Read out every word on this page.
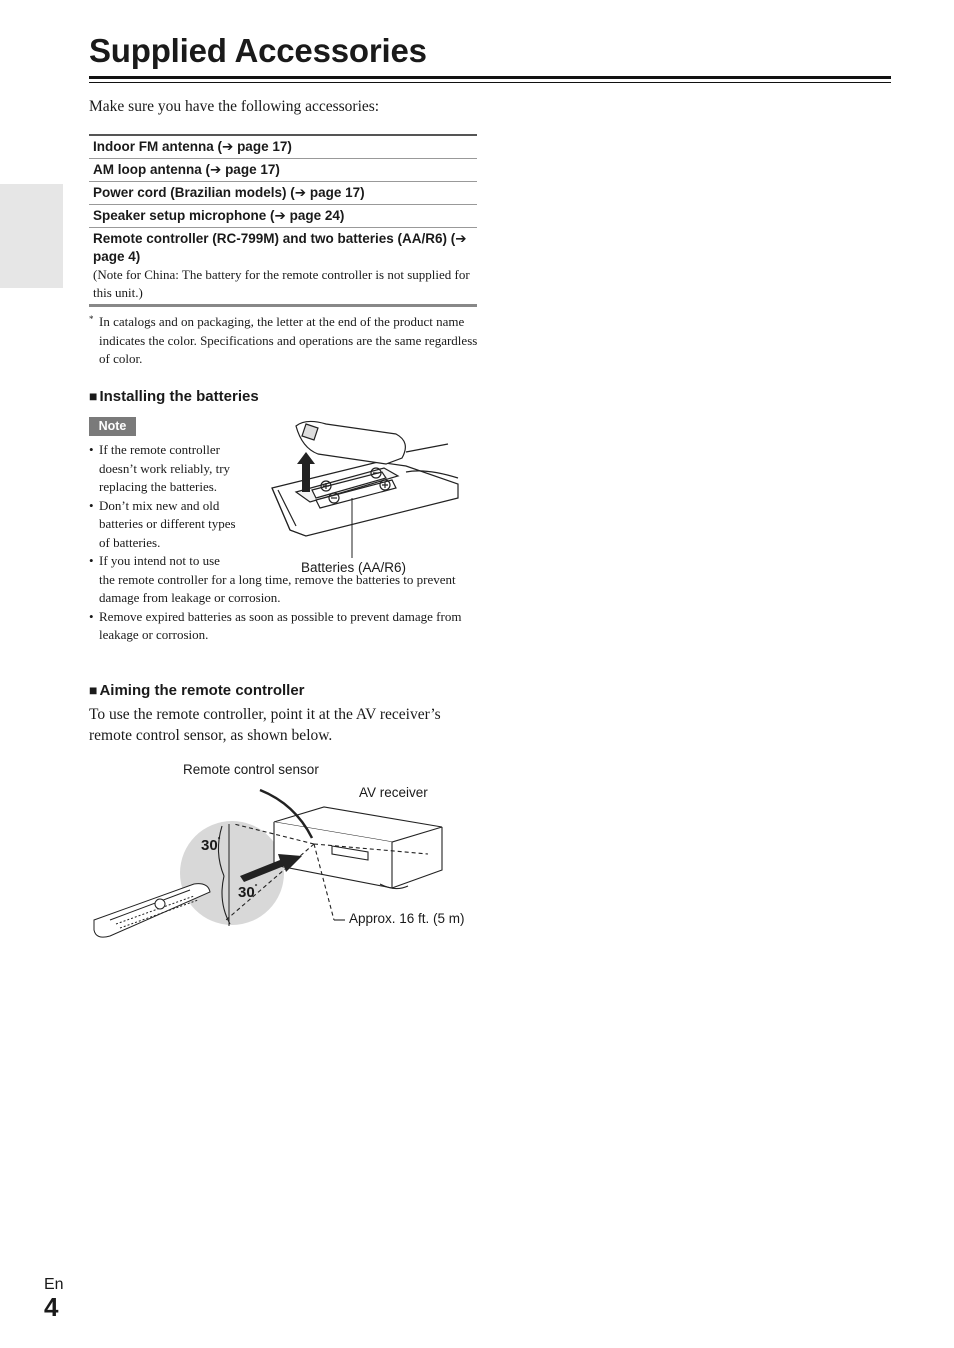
Supplied Accessories
Make sure you have the following accessories:
Indoor FM antenna (➔ page 17)
AM loop antenna (➔ page 17)
Power cord (Brazilian models) (➔ page 17)
Speaker setup microphone (➔ page 24)
Remote controller (RC-799M) and two batteries (AA/R6) (➔ page 4)
(Note for China: The battery for the remote controller is not supplied for this unit.)
* In catalogs and on packaging, the letter at the end of the product name indicates the color. Specifications and operations are the same regardless of color.
■ Installing the batteries
Note
• If the remote controller doesn’t work reliably, try replacing the batteries.
• Don’t mix new and old batteries or different types of batteries.
• If you intend not to use
the remote controller for a long time, remove the batteries to prevent damage from leakage or corrosion.
• Remove expired batteries as soon as possible to prevent damage from leakage or corrosion.
Batteries (AA/R6)
■ Aiming the remote controller
To use the remote controller, point it at the AV receiver’s remote control sensor, as shown below.
Remote control sensor
AV receiver
Approx. 16 ft. (5 m)
30˚
30˚
En
4
